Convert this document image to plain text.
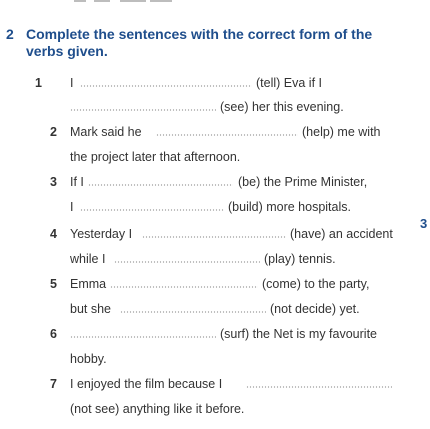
2 Complete the sentences with the correct form of the verbs given.
3
1	I	(tell) Eva if I
(see) her this evening.
2	Mark said he	(help) me with
the project later that afternoon.
3	If I	(be) the Prime Minister,
I	(build) more hospitals.
4	Yesterday I	(have) an accident
while I	(play) tennis.
5	Emma	(come) to the party,
but she	(not decide) yet.
6	(surf) the Net is my favourite
hobby.
7	I enjoyed the film because I
(not see) anything like it before.
